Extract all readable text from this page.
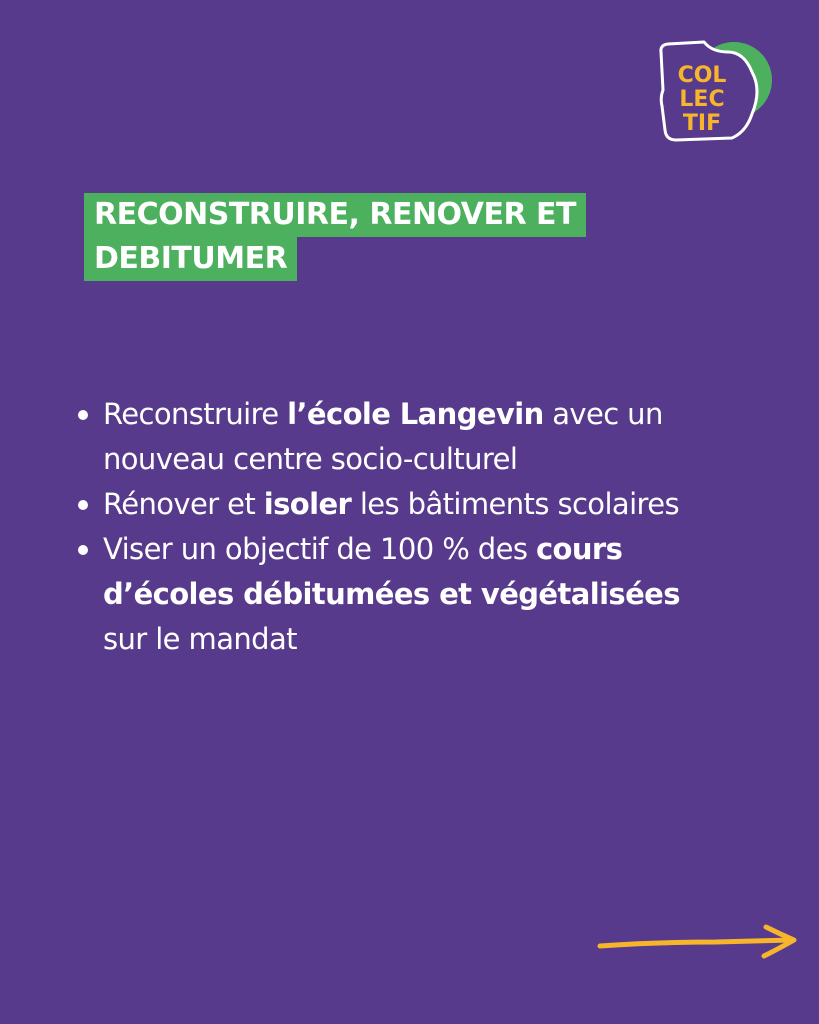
COL
LEC
TIF
RECONSTRUIRE, RENOVER ET
DEBITUMER
Reconstruire l’école Langevin avec un nouveau centre socio-culturel
Rénover et isoler les bâtiments scolaires
Viser un objectif de 100 % des cours d’écoles débitumées et végétalisées sur le mandat
